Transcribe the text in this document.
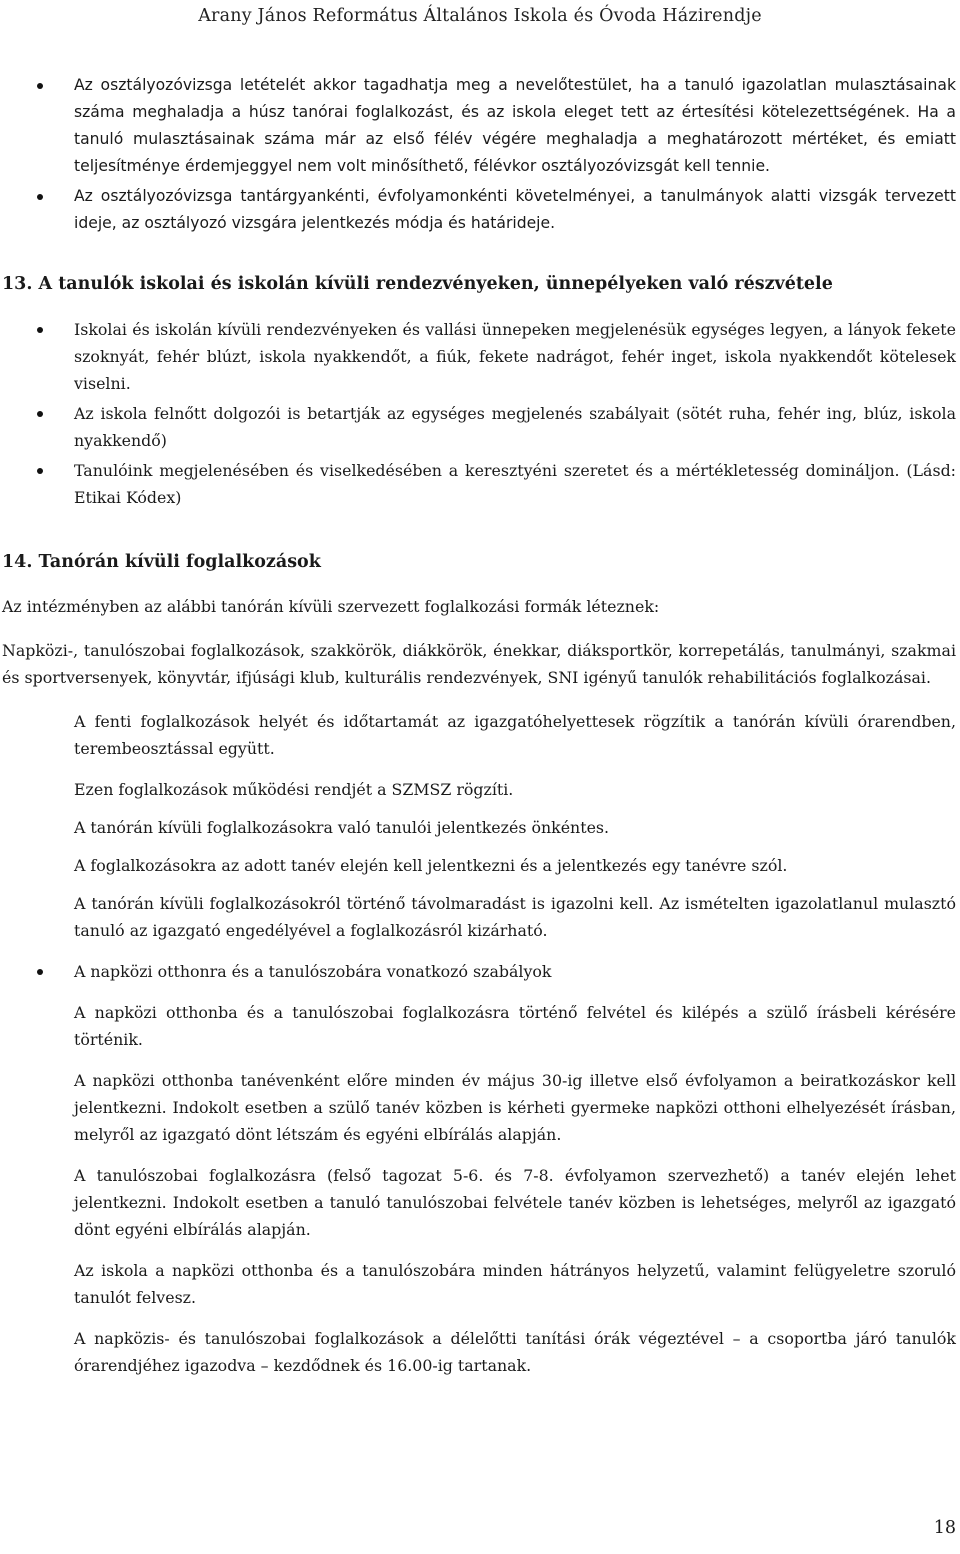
Arany János Református Általános Iskola és Óvoda Házirendje

Az osztályozóvizsga letételét akkor tagadhatja meg a nevelőtestület, ha a tanuló igazolatlan mulasztásainak száma meghaladja a húsz tanórai foglalkozást, és az iskola eleget tett az értesítési kötelezettségének. Ha a tanuló mulasztásainak száma már az első félév végére meghaladja a meghatározott mértéket, és emiatt teljesítménye érdemjeggyel nem volt minősíthető, félévkor osztályozóvizsgát kell tennie.

Az osztályozóvizsga tantárgyankénti, évfolyamonkénti követelményei, a tanulmányok alatti vizsgák tervezett ideje, az osztályozó vizsgára jelentkezés módja és határideje.

13. A tanulók iskolai és iskolán kívüli rendezvényeken, ünnepélyeken való részvétele

Iskolai és iskolán kívüli rendezvényeken és vallási ünnepeken megjelenésük egységes legyen, a lányok fekete szoknyát, fehér blúzt, iskola nyakkendőt, a fiúk, fekete nadrágot, fehér inget, iskola nyakkendőt kötelesek viselni.

Az iskola felnőtt dolgozói is betartják az egységes megjelenés szabályait (sötét ruha, fehér ing, blúz, iskola nyakkendő)

Tanulóink megjelenésében és viselkedésében a keresztyéni szeretet és a mértékletesség domináljon. (Lásd: Etikai Kódex)

14. Tanórán kívüli foglalkozások

Az intézményben az alábbi tanórán kívüli szervezett foglalkozási formák léteznek:

Napközi-, tanulószobai foglalkozások, szakkörök, diákkörök, énekkar, diáksportkör, korrepetálás, tanulmányi, szakmai és sportversenyek, könyvtár, ifjúsági klub, kulturális rendezvények, SNI igényű tanulók rehabilitációs foglalkozásai.

A fenti foglalkozások helyét és időtartamát az igazgatóhelyettesek rögzítik a tanórán kívüli órarendben, terembeosztással együtt.

Ezen foglalkozások működési rendjét a SZMSZ rögzíti.

A tanórán kívüli foglalkozásokra való tanulói jelentkezés önkéntes.

A foglalkozásokra az adott tanév elején kell jelentkezni és a jelentkezés egy tanévre szól.

A tanórán kívüli foglalkozásokról történő távolmaradást is igazolni kell. Az ismételten igazolatlanul mulasztó tanuló az igazgató engedélyével a foglalkozásról kizárható.

A napközi otthonra és a tanulószobára vonatkozó szabályok

A napközi otthonba és a tanulószobai foglalkozásra történő felvétel és kilépés a szülő írásbeli kérésére történik.

A napközi otthonba tanévenként előre minden év május 30-ig illetve első évfolyamon a beiratkozáskor kell jelentkezni. Indokolt esetben a szülő tanév közben is kérheti gyermeke napközi otthoni elhelyezését írásban, melyről az igazgató dönt létszám és egyéni elbírálás alapján.

A tanulószobai foglalkozásra (felső tagozat 5-6. és 7-8. évfolyamon szervezhető) a tanév elején lehet jelentkezni. Indokolt esetben a tanuló tanulószobai felvétele tanév közben is lehetséges, melyről az igazgató dönt egyéni elbírálás alapján.

Az iskola a napközi otthonba és a tanulószobára minden hátrányos helyzetű, valamint felügyeletre szoruló tanulót felvesz.

A napközis- és tanulószobai foglalkozások a délelőtti tanítási órák végeztével – a csoportba járó tanulók órarendjéhez igazodva – kezdődnek és 16.00-ig tartanak.

18
